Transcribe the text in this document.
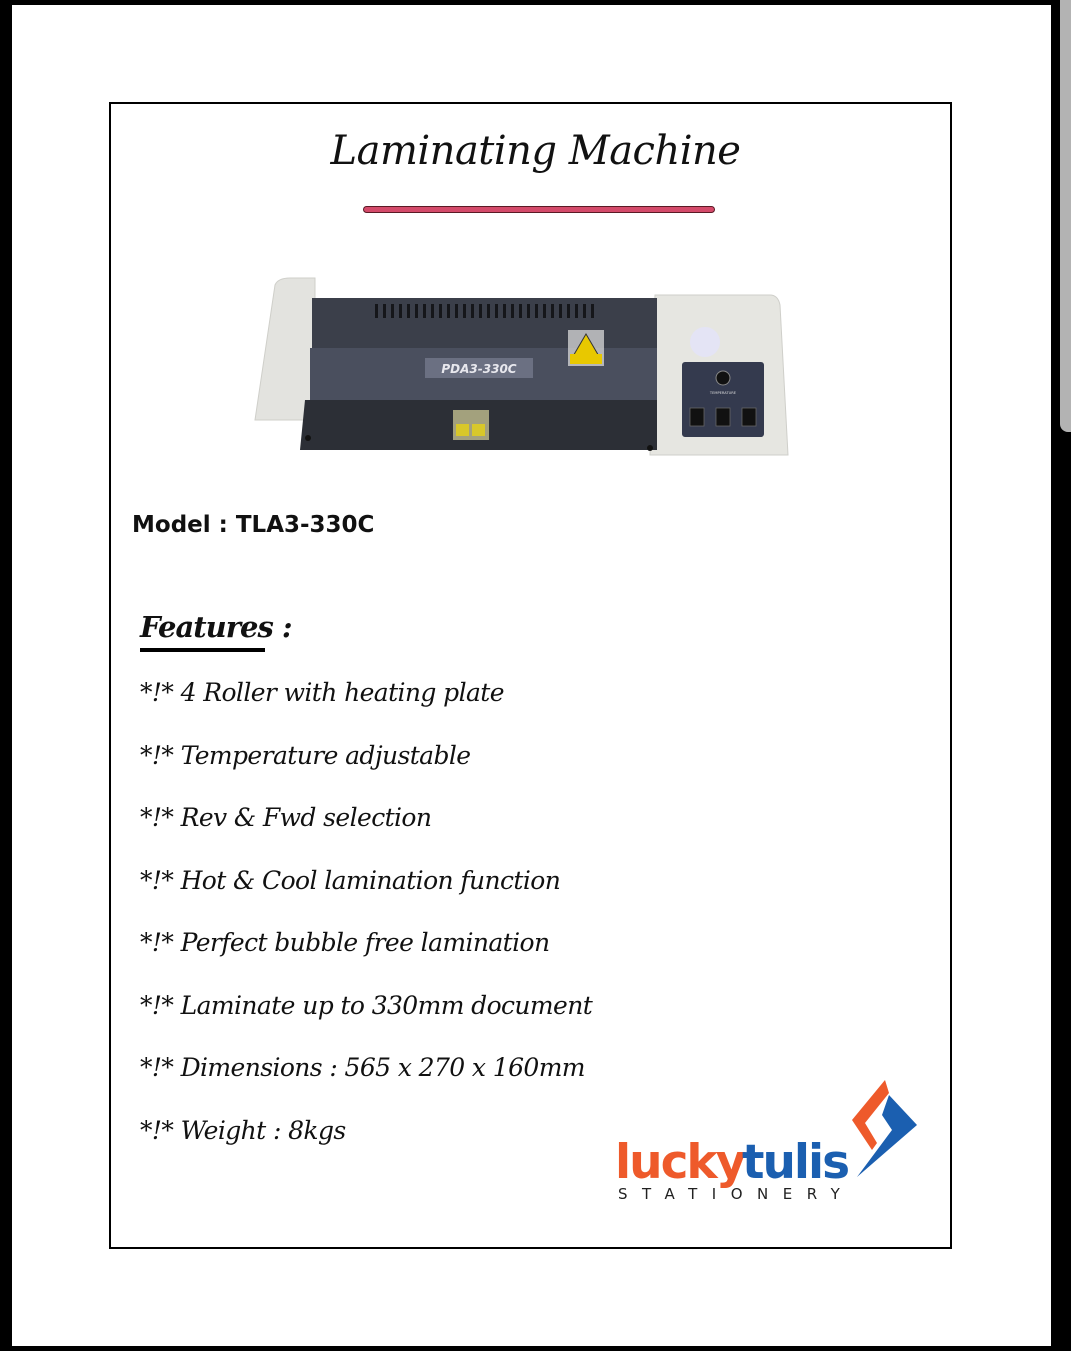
Laminating Machine
PDA3-330C
TEMPERATURE
Model : TLA3-330C
Features :
*!* 4 Roller with heating plate
*!* Temperature adjustable
*!* Rev & Fwd selection
*!* Hot & Cool lamination function
*!* Perfect bubble free lamination
*!* Laminate up to 330mm document
*!* Dimensions : 565 x 270 x 160mm
*!* Weight : 8kgs
lucky
tulis
STATIONERY
